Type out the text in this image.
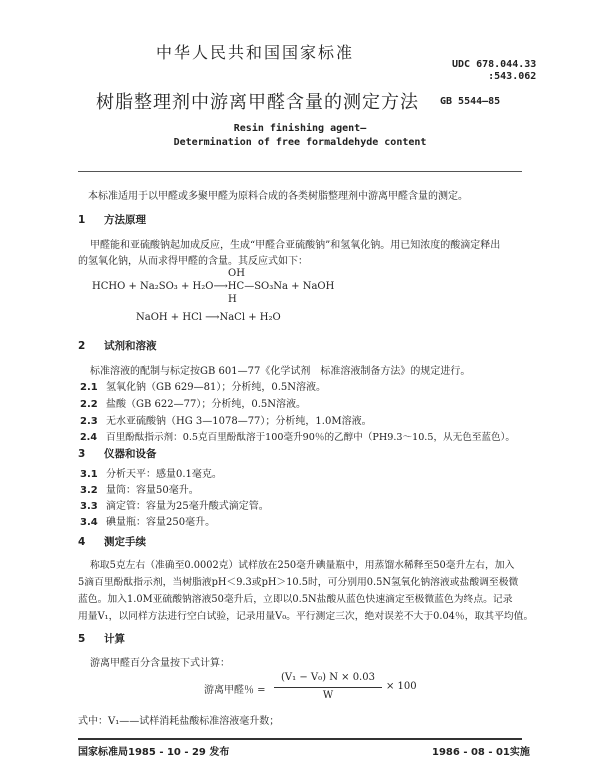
中华人民共和国国家标准
UDC 678.044.33
:543.062
树脂整理剂中游离甲醛含量的测定方法 GB 5544—85
Resin finishing agent—
Determination of free formaldehyde content
本标准适用于以甲醛或多聚甲醛为原料合成的各类树脂整理剂中游离甲醛含量的测定。
1 方法原理
甲醛能和亚硫酸钠起加成反应，生成“甲醛合亚硫酸钠”和氢氧化钠。用已知浓度的酸滴定释出
的氢氧化钠，从而求得甲醛的含量。其反应式如下：
OH
HCHO + Na₂SO₃ + H₂O⟶HC—SO₃Na + NaOH
H
NaOH + HCl ⟶NaCl + H₂O
2 试剂和溶液
标准溶液的配制与标定按GB 601—77《化学试剂　标准溶液制备方法》的规定进行。
2.1 氢氧化钠（GB 629—81）；分析纯，0.5N溶液。
2.2 盐酸（GB 622—77）；分析纯，0.5N溶液。
2.3 无水亚硫酸钠（HG 3—1078—77）；分析纯，1.0M溶液。
2.4 百里酚酞指示剂：0.5克百里酚酞溶于100毫升90％的乙醇中（PH9.3～10.5，从无色至蓝色）。
3 仪器和设备
3.1 分析天平：感量0.1毫克。
3.2 量筒：容量50毫升。
3.3 滴定管：容量为25毫升酸式滴定管。
3.4 碘量瓶：容量250毫升。
4 测定手续
称取5克左右（准确至0.0002克）试样放在250毫升碘量瓶中，用蒸馏水稀释至50毫升左右，加入
5滴百里酚酞指示剂，当树脂液pH＜9.3或pH＞10.5时，可分别用0.5N氢氧化钠溶液或盐酸调至极微
蓝色。加入1.0M亚硫酸钠溶液50毫升后，立即以0.5N盐酸从蓝色快速滴定至极微蓝色为终点。记录
用量V₁，以同样方法进行空白试验，记录用量V₀。平行测定三次，绝对误差不大于0.04％，取其平均值。
5 计算
游离甲醛百分含量按下式计算：
游离甲醛％ =
(V₁ − V₀) N × 0.03
W
× 100
式中：V₁——试样消耗盐酸标准溶液毫升数；
国家标准局1985 - 10 - 29 发布	1986 - 08 - 01实施
